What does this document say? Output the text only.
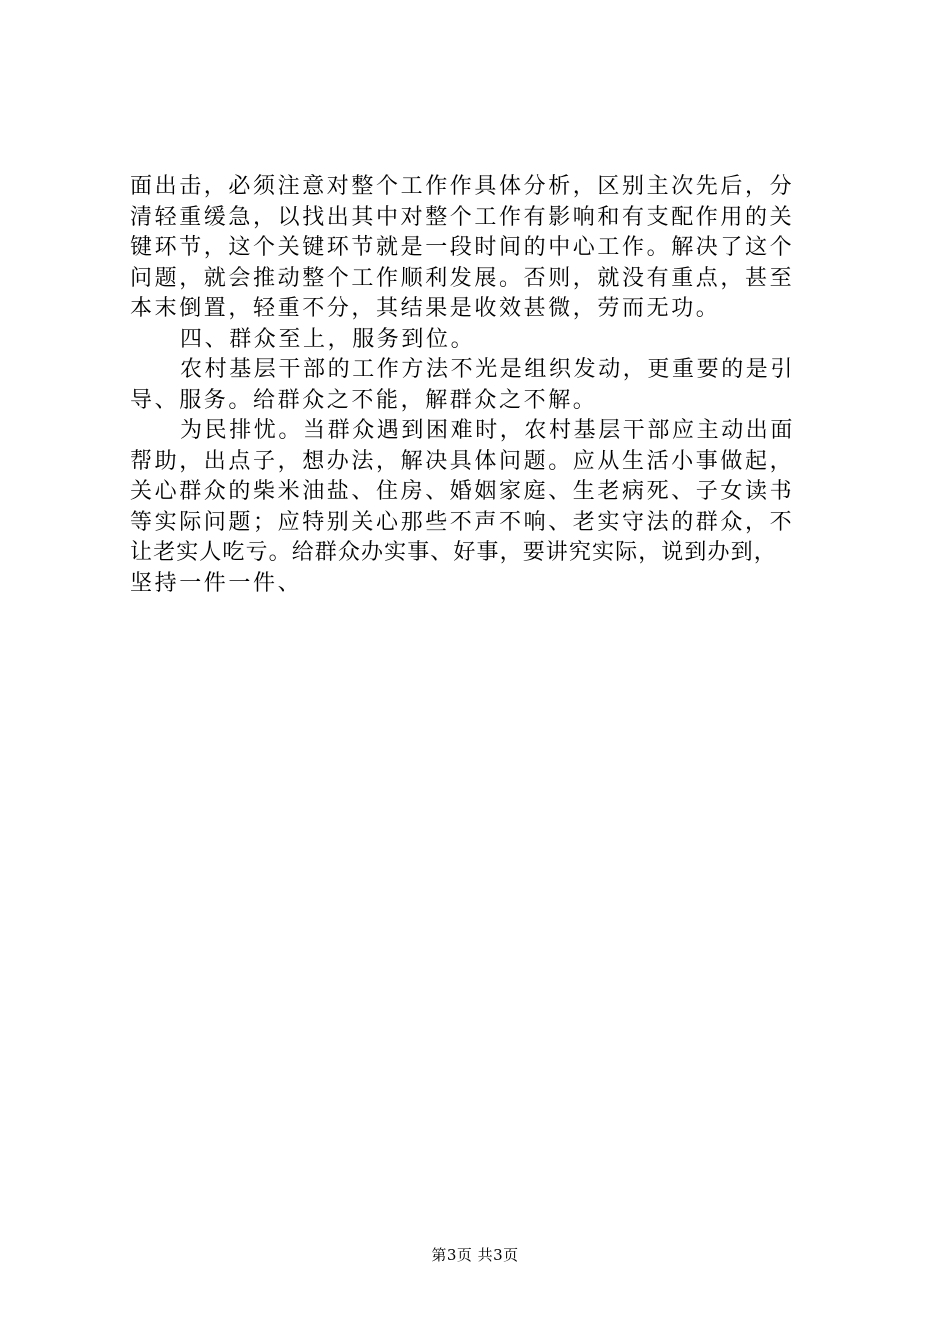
面出击，必须注意对整个工作作具体分析，区别主次先后，分
清轻重缓急，以找出其中对整个工作有影响和有支配作用的关
键环节，这个关键环节就是一段时间的中心工作。解决了这个
问题，就会推动整个工作顺利发展。否则，就没有重点，甚至
本末倒置，轻重不分，其结果是收效甚微，劳而无功。
四、群众至上，服务到位。
农村基层干部的工作方法不光是组织发动，更重要的是引
导、服务。给群众之不能，解群众之不解。
为民排忧。当群众遇到困难时，农村基层干部应主动出面
帮助，出点子，想办法，解决具体问题。应从生活小事做起，
关心群众的柴米油盐、住房、婚姻家庭、生老病死、子女读书
等实际问题；应特别关心那些不声不响、老实守法的群众，不
让老实人吃亏。给群众办实事、好事，要讲究实际，说到办到，
坚持一件一件、
第3页 共3页
